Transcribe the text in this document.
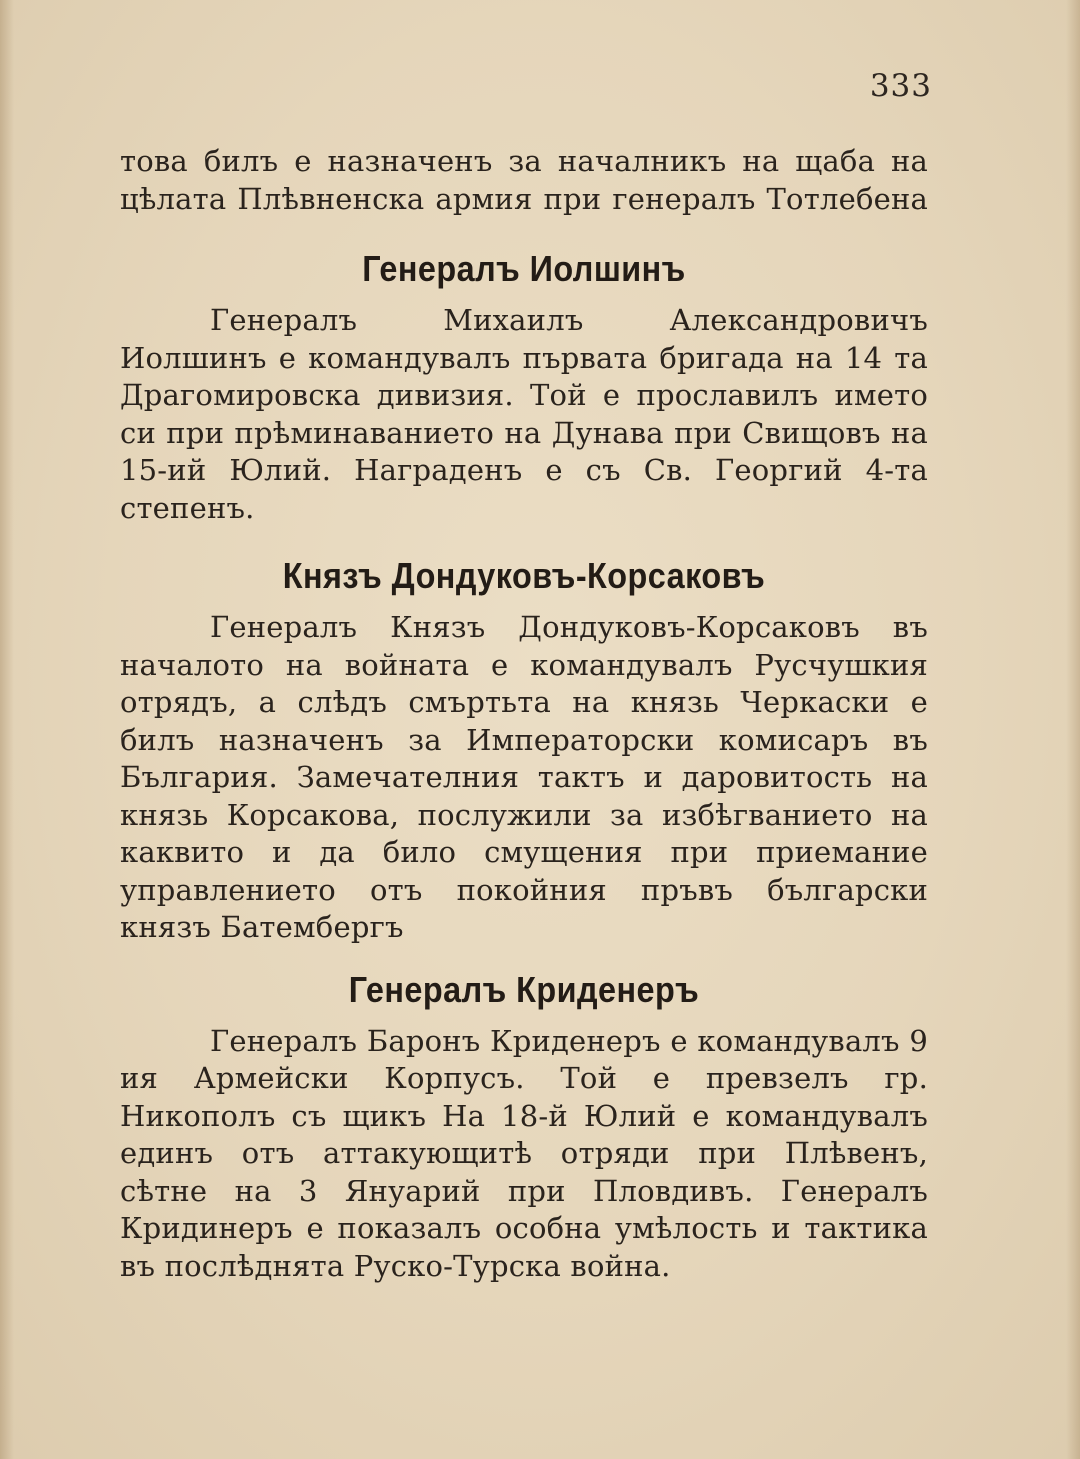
333

това билъ е назначенъ за началникъ на щаба на цѣлата Плѣвненска армия при генералъ Тотлебена

Генералъ Иолшинъ

Генералъ Михаилъ Александровичъ Иолшинъ е командувалъ първата бригада на 14 та Драгомировска дивизия. Той е прославилъ името си при прѣминаванието на Дунава при Свищовъ на 15-ий Юлий. Награденъ е съ Св. Георгий 4-та степенъ.

Князъ Дондуковъ-Корсаковъ

Генералъ Князъ Дондуковъ-Корсаковъ въ началото на войната е командувалъ Русчушкия отрядъ, а слѣдъ смъртьта на князь Черкаски е билъ назначенъ за Императорски комисаръ въ България. Замечателния тактъ и даровитость на князь Корсакова, послужили за избѣгванието на каквито и да било смущения при приемание управлението отъ покойния пръвъ български князъ Батембергъ

Генералъ Криденеръ

Генералъ Баронъ Криденеръ е командувалъ 9 ия Армейски Корпусъ. Той е превзелъ гр. Никополъ съ щикъ На 18-й Юлий е командувалъ единъ отъ аттакующитѣ отряди при Плѣвенъ, сѣтне на 3 Януарий при Пловдивъ. Генералъ Кридинеръ е показалъ особна умѣлость и тактика въ послѣднята Руско-Турска война.
